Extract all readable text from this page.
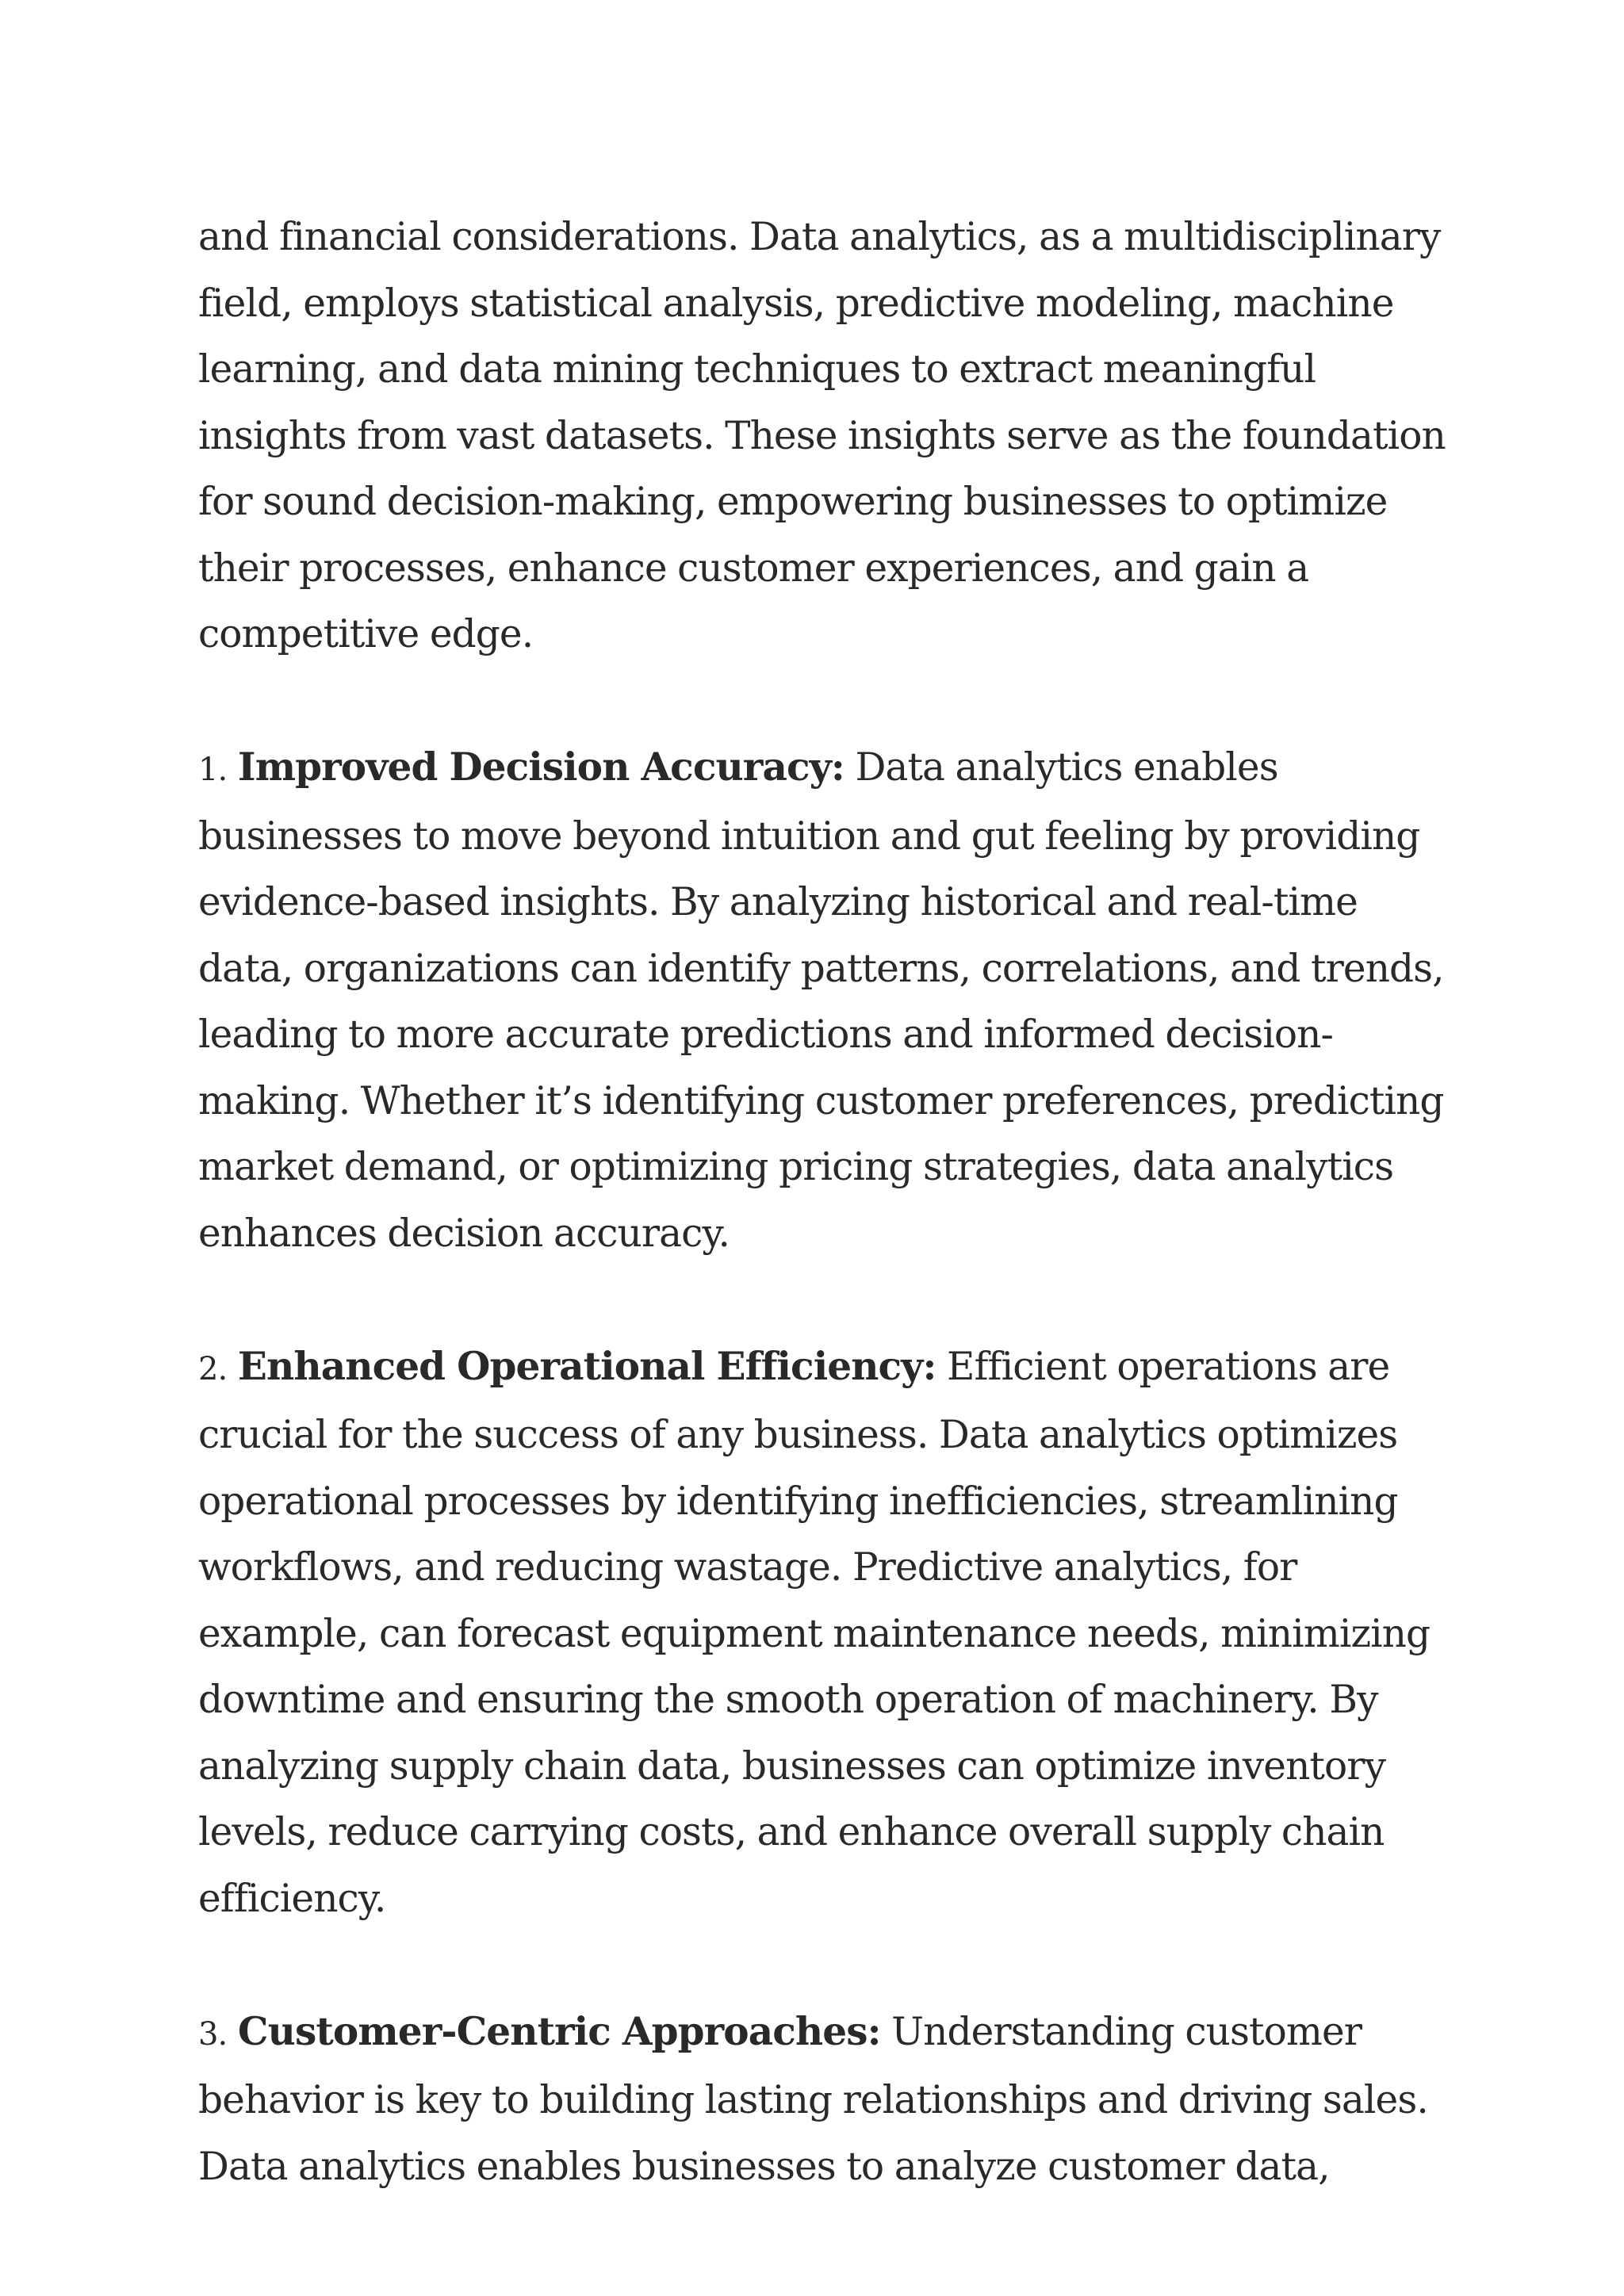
and financial considerations. Data analytics, as a multidisciplinary field, employs statistical analysis, predictive modeling, machine learning, and data mining techniques to extract meaningful insights from vast datasets. These insights serve as the foundation for sound decision-making, empowering businesses to optimize their processes, enhance customer experiences, and gain a competitive edge.

1. Improved Decision Accuracy: Data analytics enables businesses to move beyond intuition and gut feeling by providing evidence-based insights. By analyzing historical and real-time data, organizations can identify patterns, correlations, and trends, leading to more accurate predictions and informed decision-making. Whether it’s identifying customer preferences, predicting market demand, or optimizing pricing strategies, data analytics enhances decision accuracy.

2. Enhanced Operational Efficiency: Efficient operations are crucial for the success of any business. Data analytics optimizes operational processes by identifying inefficiencies, streamlining workflows, and reducing wastage. Predictive analytics, for example, can forecast equipment maintenance needs, minimizing downtime and ensuring the smooth operation of machinery. By analyzing supply chain data, businesses can optimize inventory levels, reduce carrying costs, and enhance overall supply chain efficiency.

3. Customer-Centric Approaches: Understanding customer behavior is key to building lasting relationships and driving sales. Data analytics enables businesses to analyze customer data,
